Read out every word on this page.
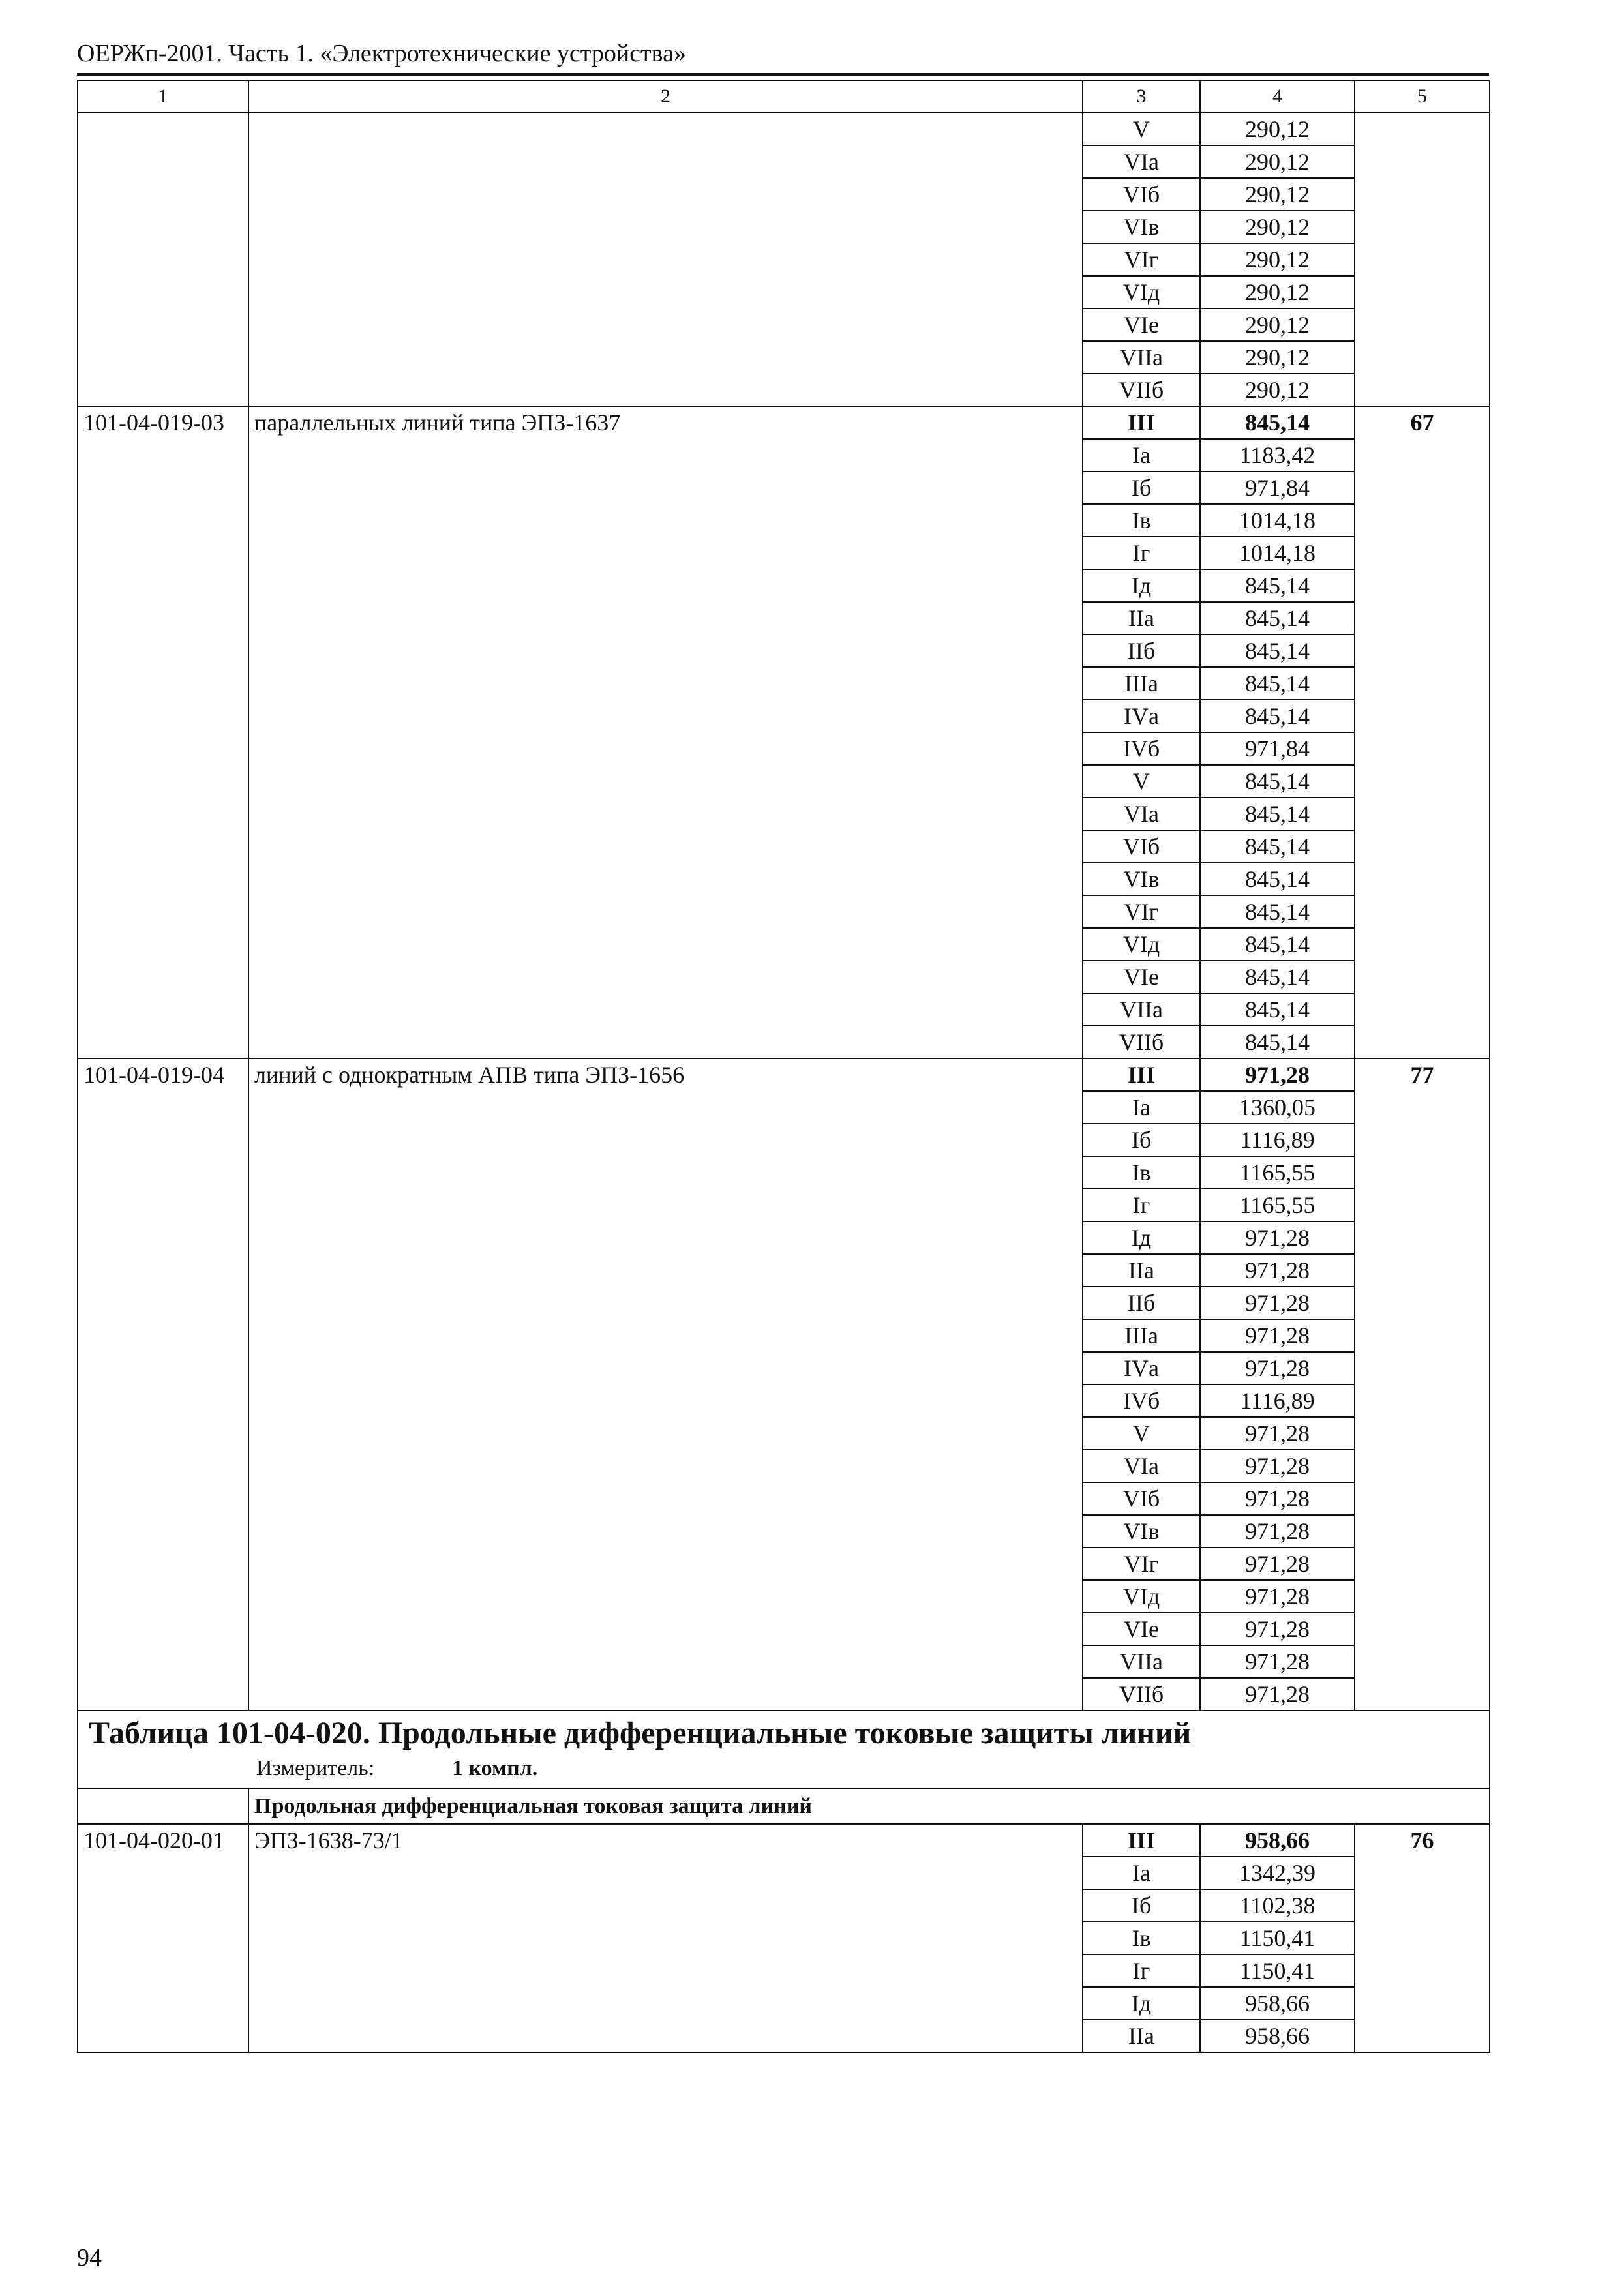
ОЕРЖп-2001. Часть 1. «Электротехнические устройства»
1	2	3	4	5
		V	290,12	
		VIа	290,12	
		VIб	290,12	
		VIв	290,12	
		VIг	290,12	
		VIд	290,12	
		VIе	290,12	
		VIIа	290,12	
		VIIб	290,12	
101-04-019-03	параллельных линий типа ЭПЗ-1637	III	845,14	67
		Iа	1183,42	
		Iб	971,84	
		Iв	1014,18	
		Iг	1014,18	
		Iд	845,14	
		IIа	845,14	
		IIб	845,14	
		IIIа	845,14	
		IVа	845,14	
		IVб	971,84	
		V	845,14	
		VIа	845,14	
		VIб	845,14	
		VIв	845,14	
		VIг	845,14	
		VIд	845,14	
		VIе	845,14	
		VIIа	845,14	
		VIIб	845,14	
101-04-019-04	линий с однократным АПВ типа ЭПЗ-1656	III	971,28	77
		Iа	1360,05	
		Iб	1116,89	
		Iв	1165,55	
		Iг	1165,55	
		Iд	971,28	
		IIа	971,28	
		IIб	971,28	
		IIIа	971,28	
		IVа	971,28	
		IVб	1116,89	
		V	971,28	
		VIа	971,28	
		VIб	971,28	
		VIв	971,28	
		VIг	971,28	
		VIд	971,28	
		VIе	971,28	
		VIIа	971,28	
		VIIб	971,28	

Таблица 101-04-020. Продольные дифференциальные токовые защиты линий
Измеритель: 1 компл.				

	Продольная дифференциальная токовая защита линий			
101-04-020-01	ЭПЗ-1638-73/1	III	958,66	76
		Iа	1342,39	
		Iб	1102,38	
		Iв	1150,41	
		Iг	1150,41	
		Iд	958,66	
		IIа	958,66	
94
